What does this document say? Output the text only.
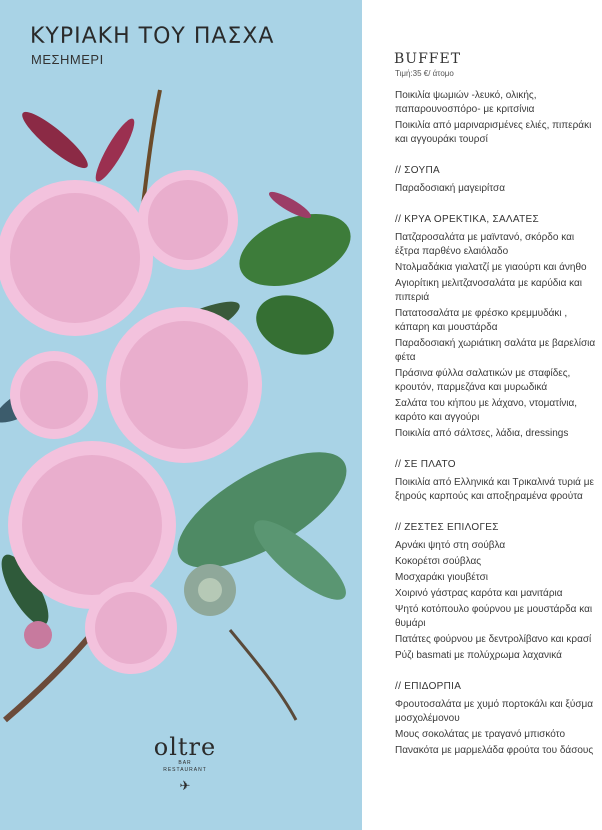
ΚΥΡΙΑΚΗ ΤΟΥ ΠΑΣΧΑ
ΜΕΣΗΜΕΡΙ
oltre
BAR
RESTAURANT
✈
BUFFET
Τιμή:35 €/ άτομο

Ποικιλία ψωμιών -λευκό, ολικής, παπαρουνοσπόρο- με κριτσίνια

Ποικιλία από μαριναρισμένες ελιές, πιπεράκι και αγγουράκι τουρσί

// ΣΟΥΠΑ

Παραδοσιακή μαγειρίτσα

// ΚΡΥΑ ΟΡΕΚΤΙΚΑ, ΣΑΛΑΤΕΣ

Πατζαροσαλάτα με μαϊντανό, σκόρδο και έξτρα παρθένο ελαιόλαδο

Ντολμαδάκια γιαλατζί με γιαούρτι και άνηθο

Αγιορίτικη μελιτζανοσαλάτα με καρύδια και πιπεριά

Πατατοσαλάτα με φρέσκο κρεμμυδάκι , κάπαρη και μουστάρδα

Παραδοσιακή χωριάτικη σαλάτα με βαρελίσια φέτα

Πράσινα φύλλα σαλατικών με σταφίδες, κρουτόν, παρμεζάνα και μυρωδικά

Σαλάτα του κήπου με λάχανο, ντοματίνια, καρότο και αγγούρι

Ποικιλία από σάλτσες, λάδια, dressings

// ΣΕ ΠΛΑΤΟ

Ποικιλία από Ελληνικά και Τρικαλινά τυριά με ξηρούς καρπούς και αποξηραμένα φρούτα

// ΖΕΣΤΕΣ ΕΠΙΛΟΓΕΣ

Αρνάκι ψητό στη σούβλα

Κοκορέτσι σούβλας

Μοσχαράκι γιουβέτσι

Χοιρινό γάστρας καρότα και μανιτάρια

Ψητό κοτόπουλο φούρνου με μουστάρδα και θυμάρι

Πατάτες φούρνου με δεντρολίβανο και κρασί

Ρύζι basmati με πολύχρωμα λαχανικά

// ΕΠΙΔΟΡΠΙΑ

Φρουτοσαλάτα με χυμό πορτοκάλι και ξύσμα μοσχολέμονου

Μους σοκολάτας με τραγανό μπισκότο

Πανακότα με μαρμελάδα φρούτα του δάσους
